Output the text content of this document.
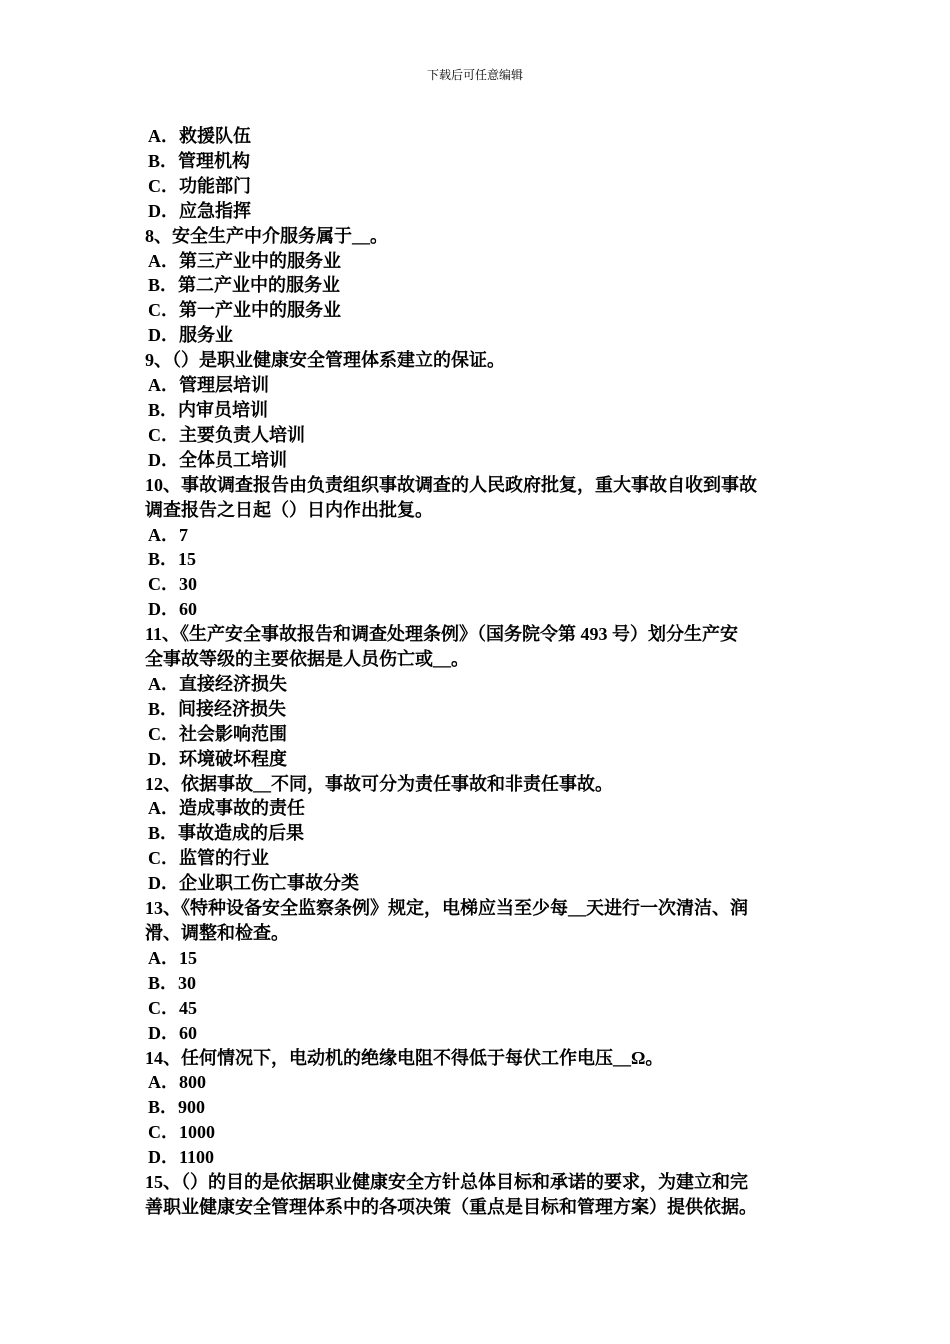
下载后可任意编辑
A．救援队伍
B．管理机构
C．功能部门
D．应急指挥
8、安全生产中介服务属于__。
A．第三产业中的服务业
B．第二产业中的服务业
C．第一产业中的服务业
D．服务业
9、（）是职业健康安全管理体系建立的保证。
A．管理层培训
B．内审员培训
C．主要负责人培训
D．全体员工培训
10、事故调查报告由负责组织事故调查的人民政府批复，重大事故自收到事故
调查报告之日起（）日内作出批复。
A．7
B．15
C．30
D．60
11、《生产安全事故报告和调查处理条例》（国务院令第 493 号）划分生产安
全事故等级的主要依据是人员伤亡或__。
A．直接经济损失
B．间接经济损失
C．社会影响范围
D．环境破坏程度
12、依据事故__不同，事故可分为责任事故和非责任事故。
A．造成事故的责任
B．事故造成的后果
C．监管的行业
D．企业职工伤亡事故分类
13、《特种设备安全监察条例》规定，电梯应当至少每__天进行一次清洁、润
滑、调整和检查。
A．15
B．30
C．45
D．60
14、任何情况下，电动机的绝缘电阻不得低于每伏工作电压__Ω。
A．800
B．900
C．1000
D．1100
15、（）的目的是依据职业健康安全方针总体目标和承诺的要求，为建立和完
善职业健康安全管理体系中的各项决策（重点是目标和管理方案）提供依据。
